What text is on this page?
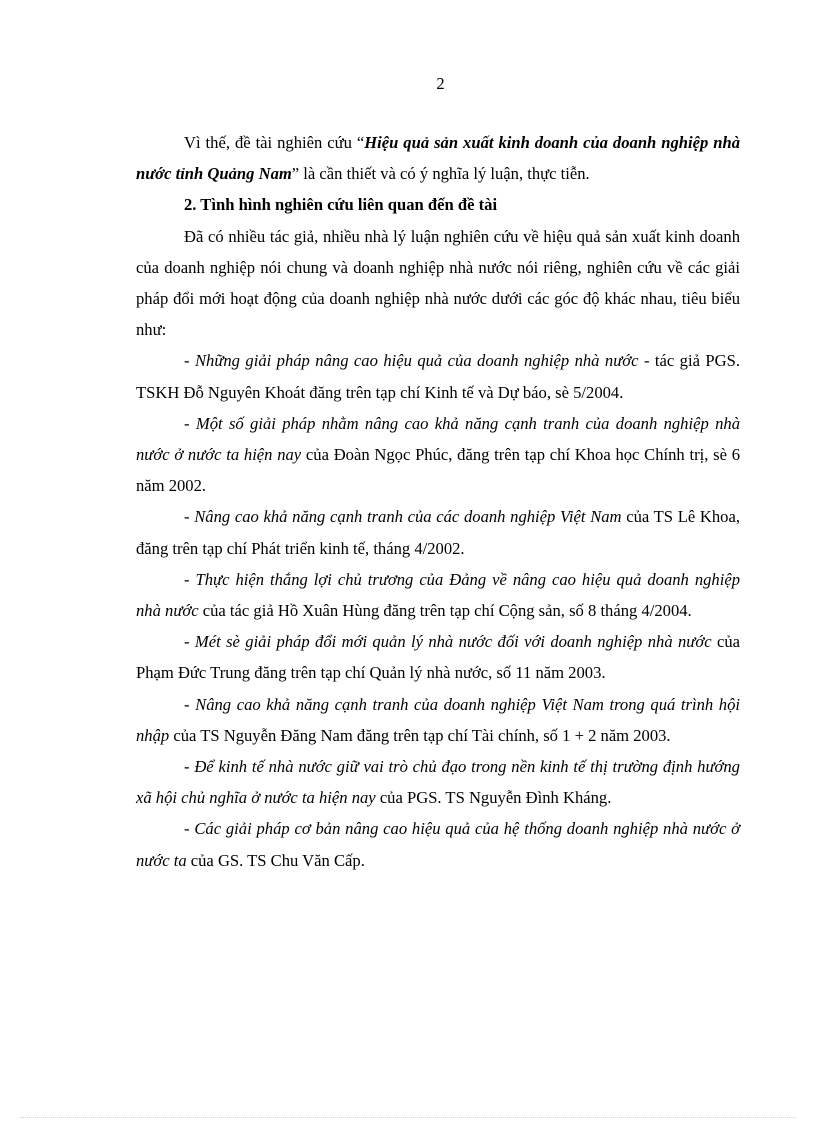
2

Vì thế, đề tài nghiên cứu “Hiệu quả sản xuất kinh doanh của doanh nghiệp nhà nước tỉnh Quảng Nam” là cần thiết và có ý nghĩa lý luận, thực tiễn.

2. Tình hình nghiên cứu liên quan đến đề tài

Đã có nhiều tác giả, nhiều nhà lý luận nghiên cứu về hiệu quả sản xuất kinh doanh của doanh nghiệp nói chung và doanh nghiệp nhà nước nói riêng, nghiên cứu về các giải pháp đổi mới hoạt động của doanh nghiệp nhà nước dưới các góc độ khác nhau, tiêu biểu như:

- Những giải pháp nâng cao hiệu quả của doanh nghiệp nhà nước - tác giả PGS. TSKH Đỗ Nguyên Khoát đăng trên tạp chí Kinh tế và Dự báo, sè 5/2004.

- Một số giải pháp nhằm nâng cao khả năng cạnh tranh của doanh nghiệp nhà nước ở nước ta hiện nay của Đoàn Ngọc Phúc, đăng trên tạp chí Khoa học Chính trị, sè 6 năm 2002.

- Nâng cao khả năng cạnh tranh của các doanh nghiệp Việt Nam của TS Lê Khoa, đăng trên tạp chí Phát triển kinh tế, tháng 4/2002.

- Thực hiện thắng lợi chủ trương của Đảng về nâng cao hiệu quả doanh nghiệp nhà nước của tác giả Hồ Xuân Hùng đăng trên tạp chí Cộng sản, số 8 tháng 4/2004.

- Mét sè giải pháp đổi mới quản lý nhà nước đối với doanh nghiệp nhà nước của Phạm Đức Trung đăng trên tạp chí Quản lý nhà nước, số 11 năm 2003.

- Nâng cao khả năng cạnh tranh của doanh nghiệp Việt Nam trong quá trình hội nhập của TS Nguyễn Đăng Nam đăng trên tạp chí Tài chính, số 1 + 2 năm 2003.

- Để kinh tế nhà nước giữ vai trò chủ đạo trong nền kinh tế thị trường định hướng xã hội chủ nghĩa ở nước ta hiện nay của PGS. TS Nguyễn Đình Kháng.

- Các giải pháp cơ bản nâng cao hiệu quả của hệ thống doanh nghiệp nhà nước ở nước ta của GS. TS Chu Văn Cấp.
